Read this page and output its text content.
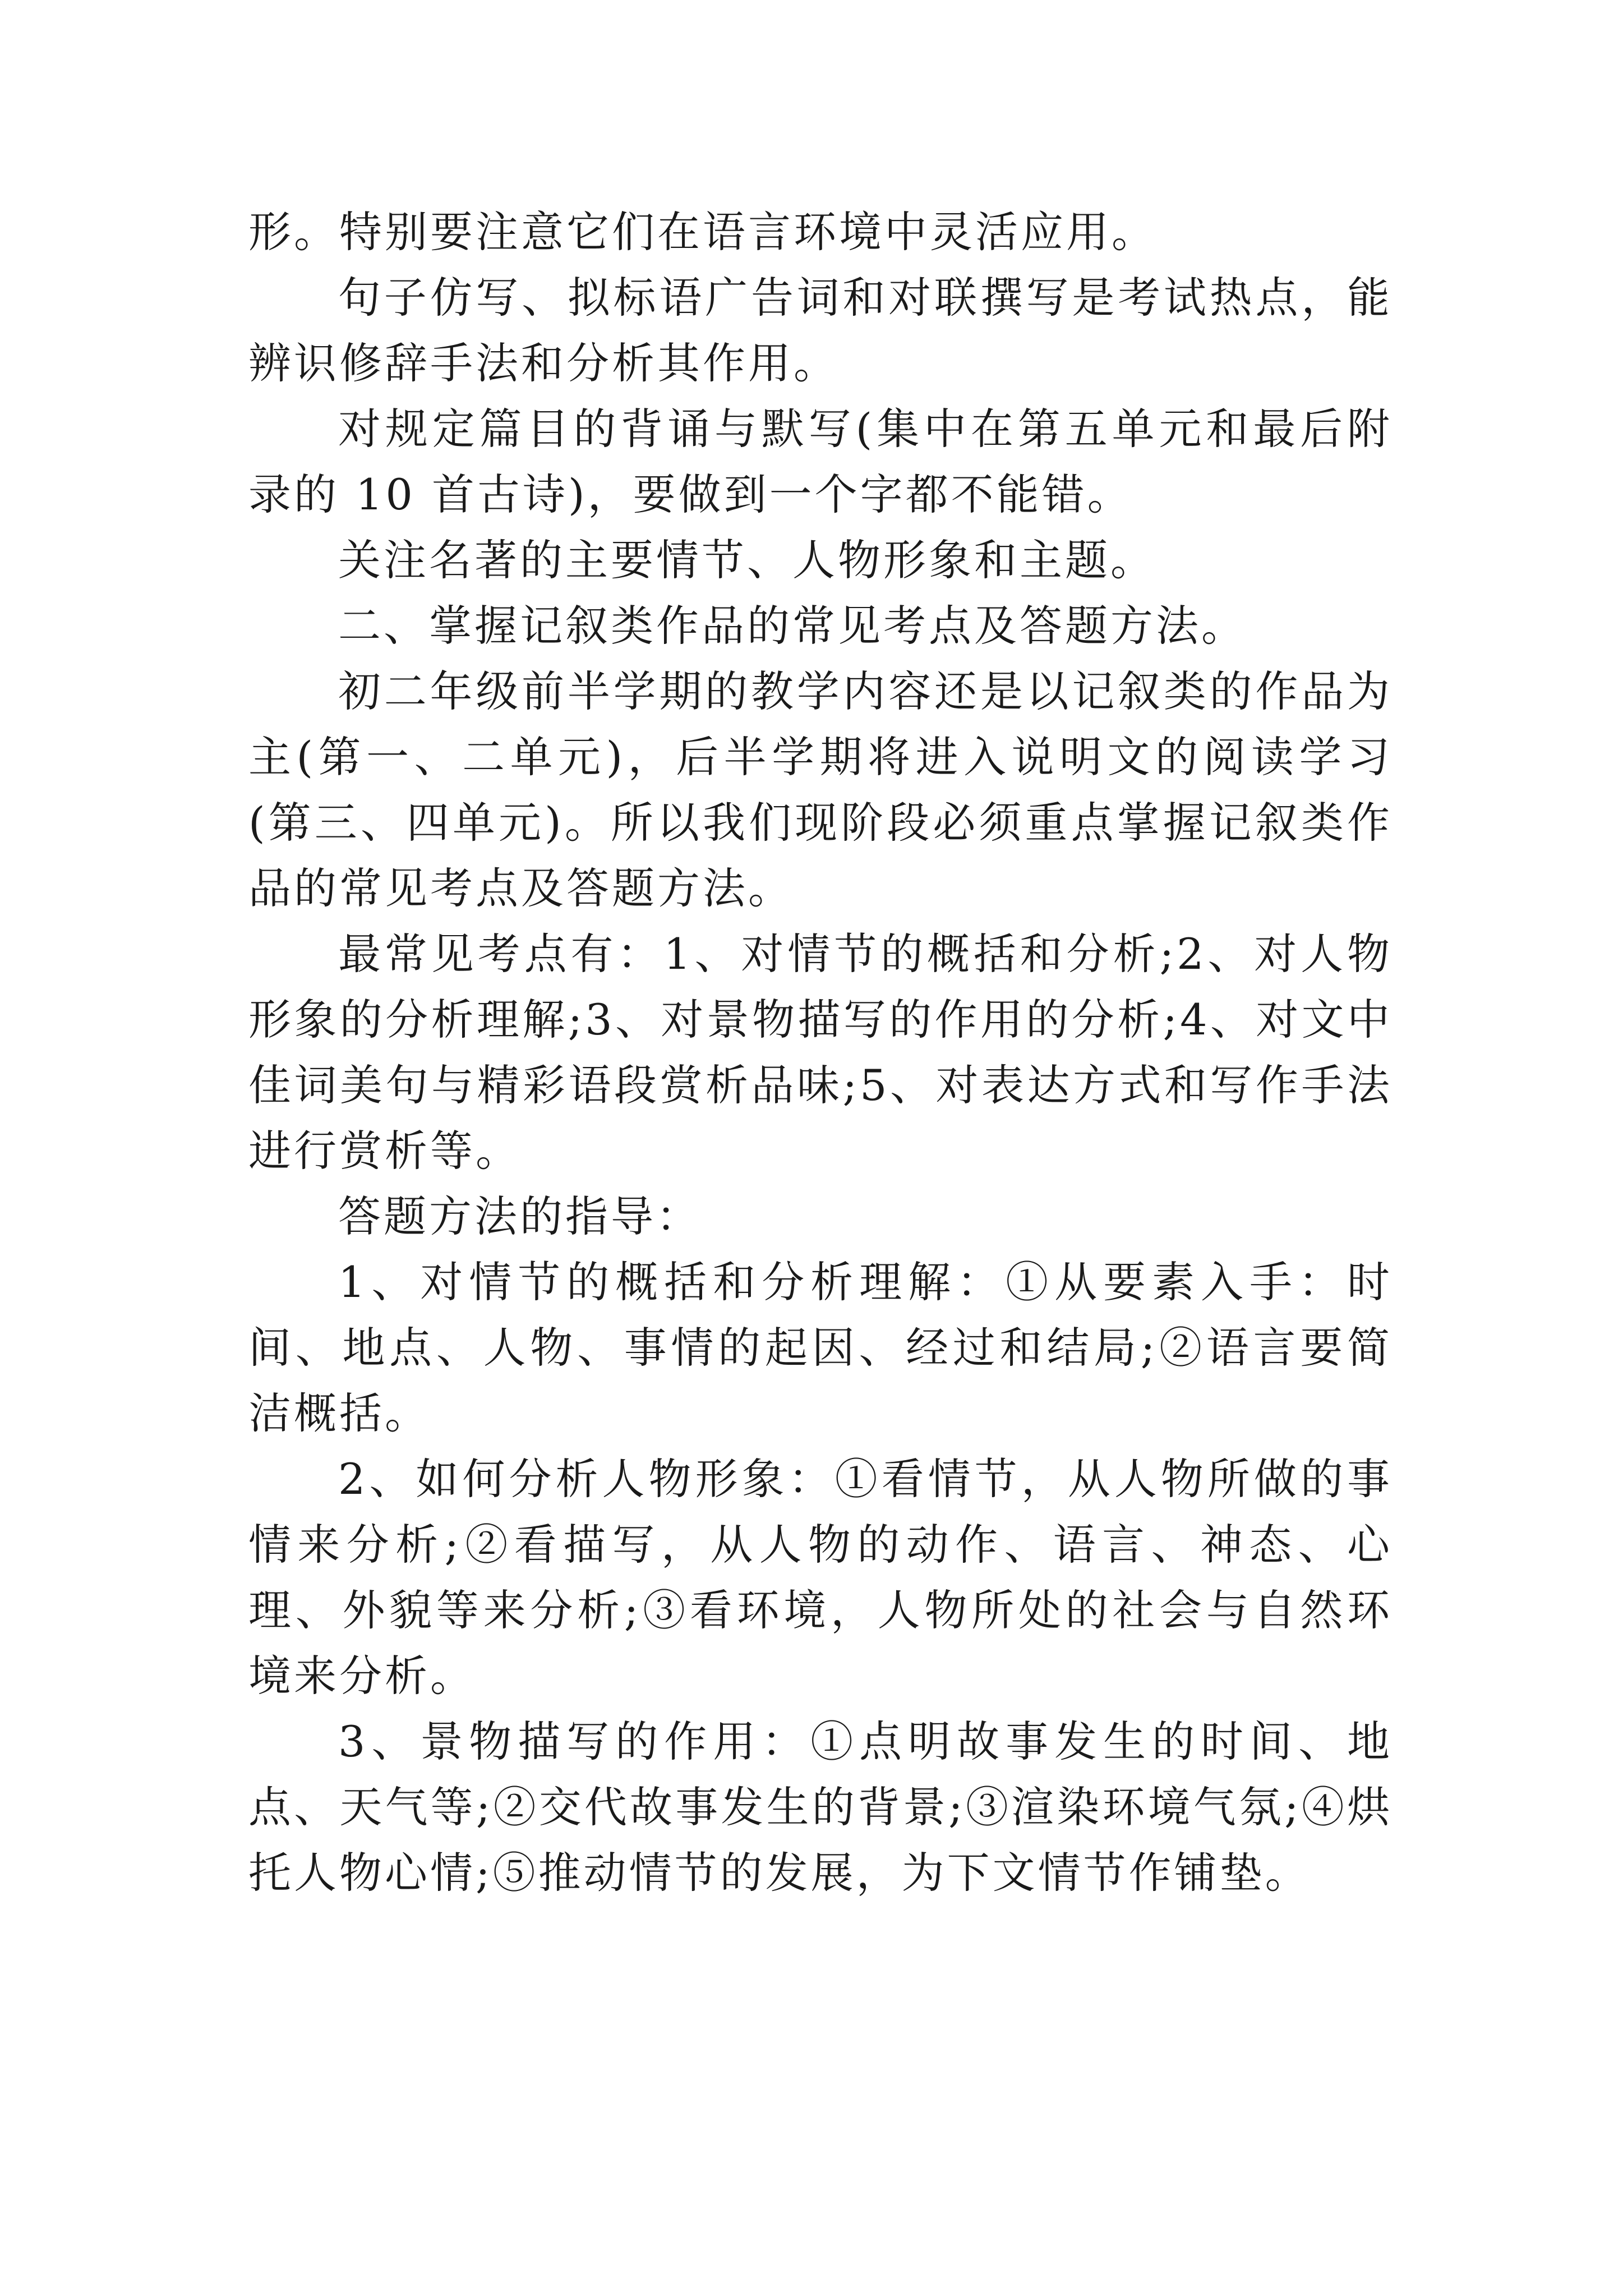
形。特别要注意它们在语言环境中灵活应用。

句子仿写、拟标语广告词和对联撰写是考试热点，能辨识修辞手法和分析其作用。

对规定篇目的背诵与默写(集中在第五单元和最后附录的 10 首古诗)，要做到一个字都不能错。

关注名著的主要情节、人物形象和主题。

二、掌握记叙类作品的常见考点及答题方法。

初二年级前半学期的教学内容还是以记叙类的作品为主(第一、二单元)，后半学期将进入说明文的阅读学习(第三、四单元)。所以我们现阶段必须重点掌握记叙类作品的常见考点及答题方法。

最常见考点有：1、对情节的概括和分析;2、对人物形象的分析理解;3、对景物描写的作用的分析;4、对文中佳词美句与精彩语段赏析品味;5、对表达方式和写作手法进行赏析等。

答题方法的指导：

1、对情节的概括和分析理解：①从要素入手：时间、地点、人物、事情的起因、经过和结局;②语言要简洁概括。

2、如何分析人物形象：①看情节，从人物所做的事情来分析;②看描写，从人物的动作、语言、神态、心理、外貌等来分析;③看环境，人物所处的社会与自然环境来分析。

3、景物描写的作用：①点明故事发生的时间、地点、天气等;②交代故事发生的背景;③渲染环境气氛;④烘托人物心情;⑤推动情节的发展，为下文情节作铺垫。
